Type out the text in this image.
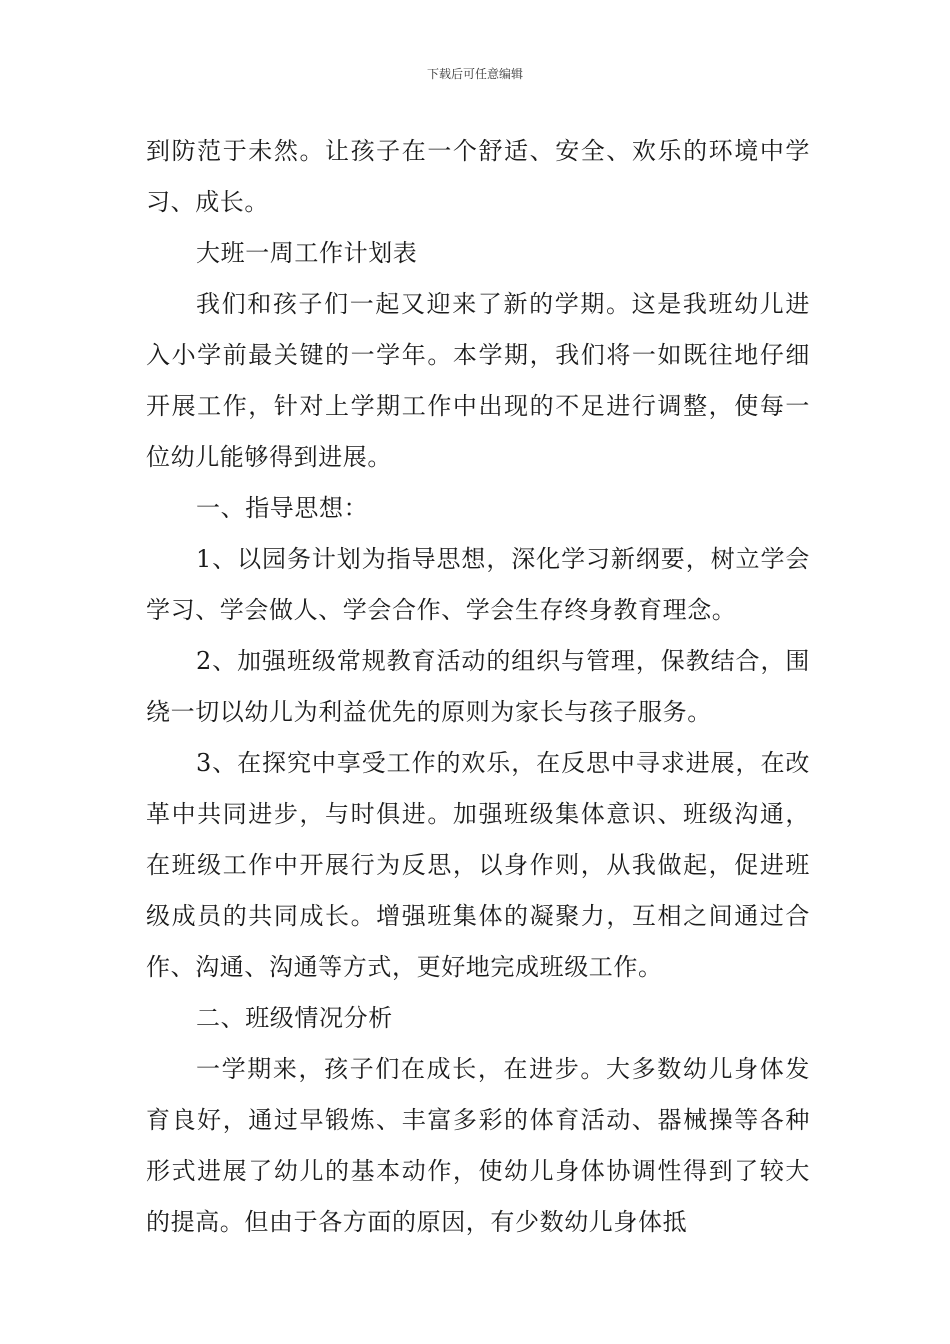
下载后可任意编辑

到防范于未然。让孩子在一个舒适、安全、欢乐的环境中学习、成长。

大班一周工作计划表

我们和孩子们一起又迎来了新的学期。这是我班幼儿进入小学前最关键的一学年。本学期，我们将一如既往地仔细开展工作，针对上学期工作中出现的不足进行调整，使每一位幼儿能够得到进展。

一、指导思想：

1、以园务计划为指导思想，深化学习新纲要，树立学会学习、学会做人、学会合作、学会生存终身教育理念。

2、加强班级常规教育活动的组织与管理，保教结合，围绕一切以幼儿为利益优先的原则为家长与孩子服务。

3、在探究中享受工作的欢乐，在反思中寻求进展，在改革中共同进步，与时俱进。加强班级集体意识、班级沟通，在班级工作中开展行为反思，以身作则，从我做起，促进班级成员的共同成长。增强班集体的凝聚力，互相之间通过合作、沟通、沟通等方式，更好地完成班级工作。

二、班级情况分析

一学期来，孩子们在成长，在进步。大多数幼儿身体发育良好，通过早锻炼、丰富多彩的体育活动、器械操等各种形式进展了幼儿的基本动作，使幼儿身体协调性得到了较大的提高。但由于各方面的原因，有少数幼儿身体抵
